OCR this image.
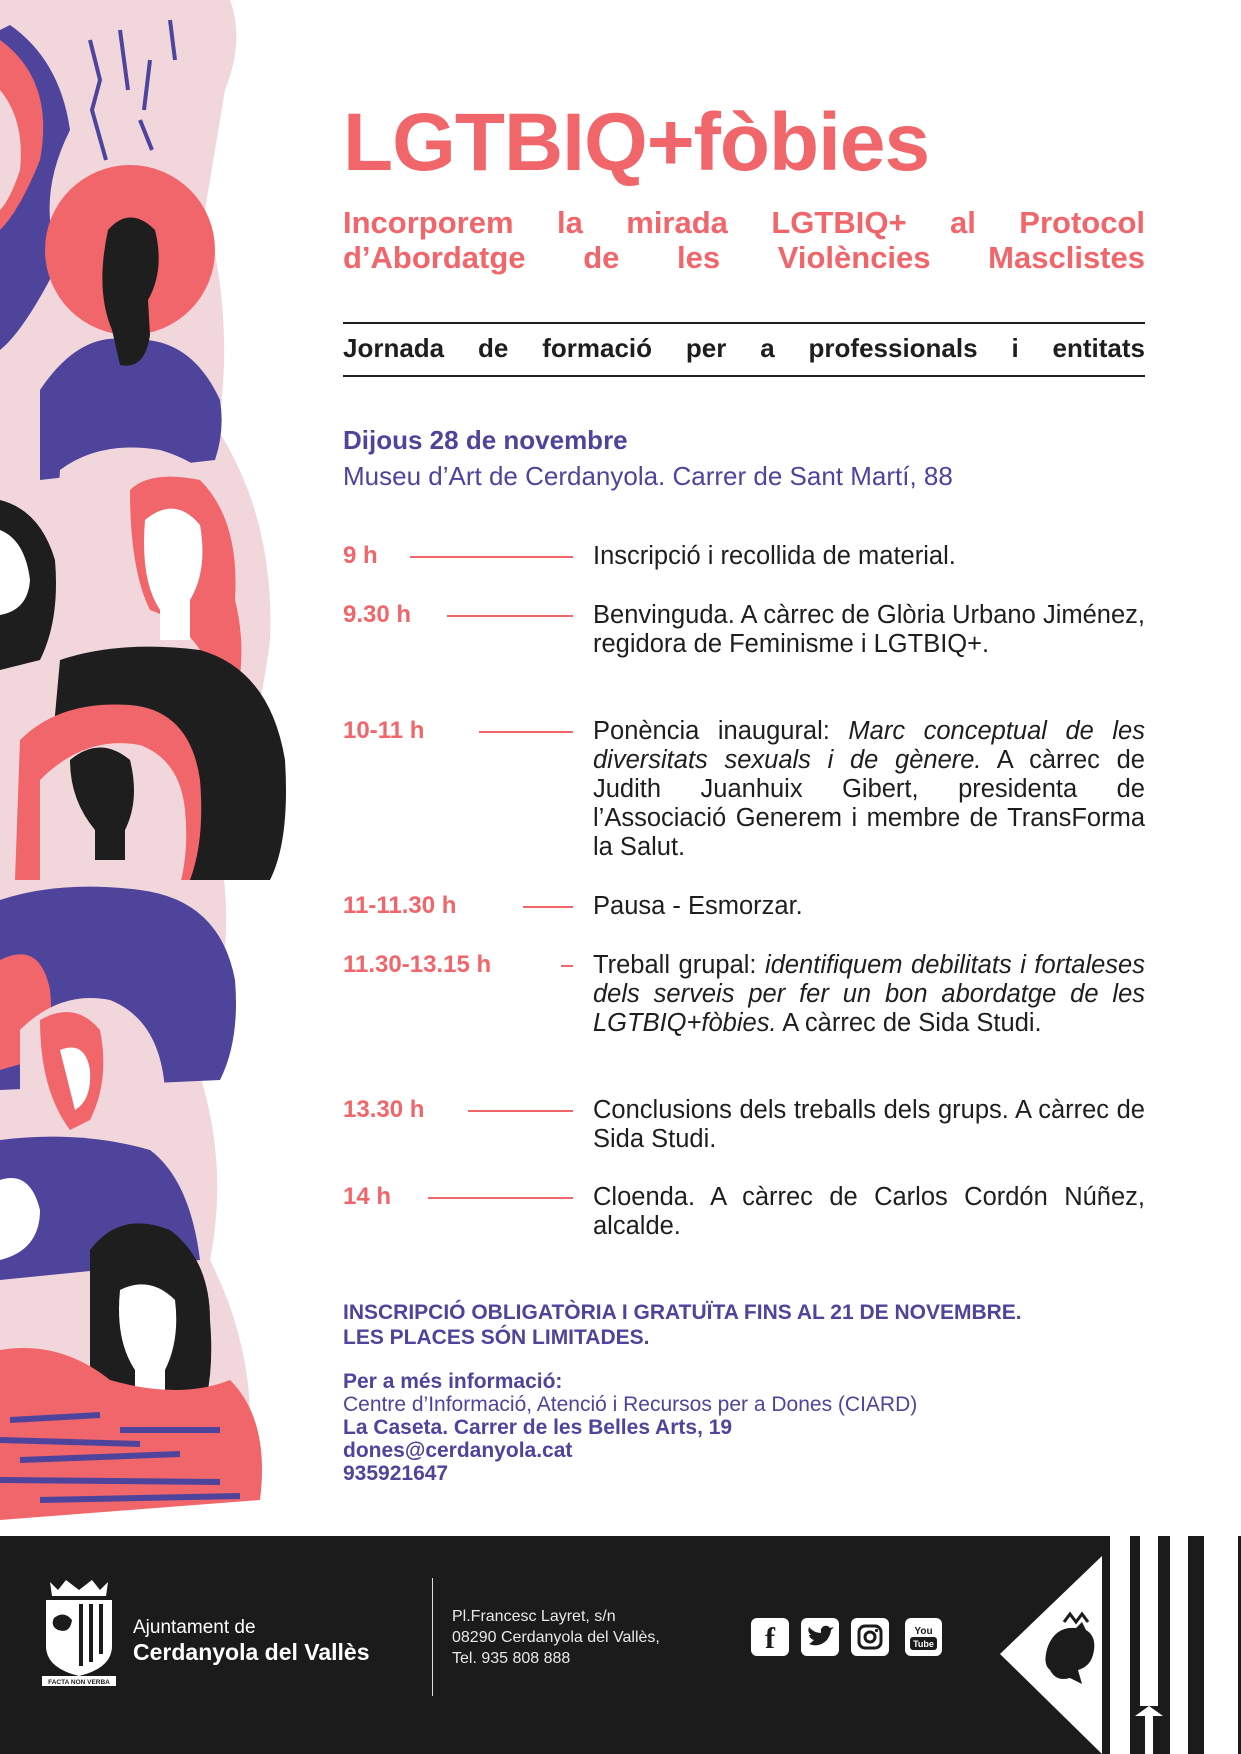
LGTBIQ+fòbies
Incorporem la mirada LGTBIQ+ al Protocol
d’Abordatge de les Violències Masclistes
Jornada de formació per a professionals i entitats
Dijous 28 de novembre
Museu d’Art de Cerdanyola. Carrer de Sant Martí, 88
9 h	Inscripció i recollida de material.
9.30 h	Benvinguda. A càrrec de Glòria Urbano Jiménez, regidora de Feminisme i LGTBIQ+.
10-11 h	Ponència inaugural: Marc conceptual de les diversitats sexuals i de gènere. A càrrec de Judith Juanhuix Gibert, presidenta de l’Associació Generem i membre de TransForma la Salut.
11-11.30 h	Pausa - Esmorzar.
11.30-13.15 h	Treball grupal: identifiquem debilitats i fortaleses dels serveis per fer un bon abordatge de les LGTBIQ+fòbies. A càrrec de Sida Studi.
13.30 h	Conclusions dels treballs dels grups. A càrrec de Sida Studi.
14 h	Cloenda. A càrrec de Carlos Cordón Núñez, alcalde.
INSCRIPCIÓ OBLIGATÒRIA I GRATUÏTA FINS AL 21 DE NOVEMBRE.
LES PLACES SÓN LIMITADES.
Per a més informació:
Centre d’Informació, Atenció i Recursos per a Dones (CIARD)
La Caseta. Carrer de les Belles Arts, 19
dones@cerdanyola.cat
935921647
FACTA NON VERBA
Ajuntament de
Cerdanyola del Vallès
Pl.Francesc Layret, s/n
08290 Cerdanyola del Vallès,
Tel. 935 808 888
f	You
Tube
